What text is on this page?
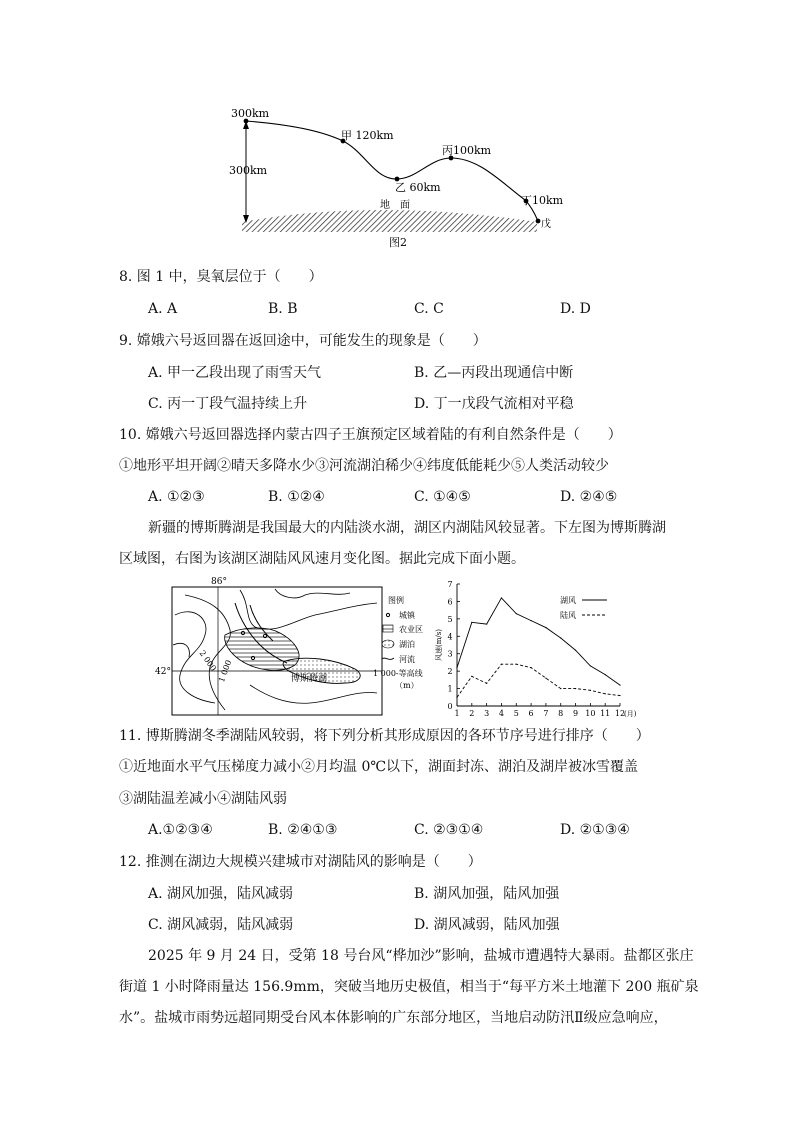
300km
300km
甲 120km
乙 60km
丙100km
丁10km
戊
地　面
图2
8. 图 1 中，臭氧层位于（　　）
A. A	B. B	C. C	D. D
9. 嫦娥六号返回器在返回途中，可能发生的现象是（　　）
A. 甲一乙段出现了雨雪天气	B. 乙—丙段出现通信中断
C. 丙一丁段气温持续上升	D. 丁一戊段气流相对平稳
10. 嫦娥六号返回器选择内蒙古四子王旗预定区域着陆的有利自然条件是（　　）
①地形平坦开阔②晴天多降水少③河流湖泊稀少④纬度低能耗少⑤人类活动较少
A. ①②③	B. ①②④	C. ①④⑤	D. ②④⑤
新疆的博斯腾湖是我国最大的内陆淡水湖，湖区内湖陆风较显著。下左图为博斯腾湖
区域图，右图为该湖区湖陆风风速月变化图。据此完成下面小题。
86°
42°	2 000 1 000	博斯腾湖
图例
城镇
农业区
湖泊
河流
1 000-等高线
（m）
0
1
2
3
4
5
6
7
1 2 3 4 5 6 7 8 9 10 11 12
(月)
风速(m/s)
湖风
陆风
11. 博斯腾湖冬季湖陆风较弱，将下列分析其形成原因的各环节序号进行排序（　　）
①近地面水平气压梯度力减小②月均温 0℃以下，湖面封冻、湖泊及湖岸被冰雪覆盖
③湖陆温差减小④湖陆风弱
A.①②③④	B. ②④①③	C. ②③①④	D. ②①③④
12. 推测在湖边大规模兴建城市对湖陆风的影响是（　　）
A. 湖风加强，陆风减弱	B. 湖风加强，陆风加强
C. 湖风减弱，陆风减弱	D. 湖风减弱，陆风加强
2025 年 9 月 24 日，受第 18 号台风“桦加沙”影响，盐城市遭遇特大暴雨。盐都区张庄
街道 1 小时降雨量达 156.9mm，突破当地历史极值，相当于“每平方米土地灌下 200 瓶矿泉
水”。盐城市雨势远超同期受台风本体影响的广东部分地区，当地启动防汛Ⅱ级应急响应，
